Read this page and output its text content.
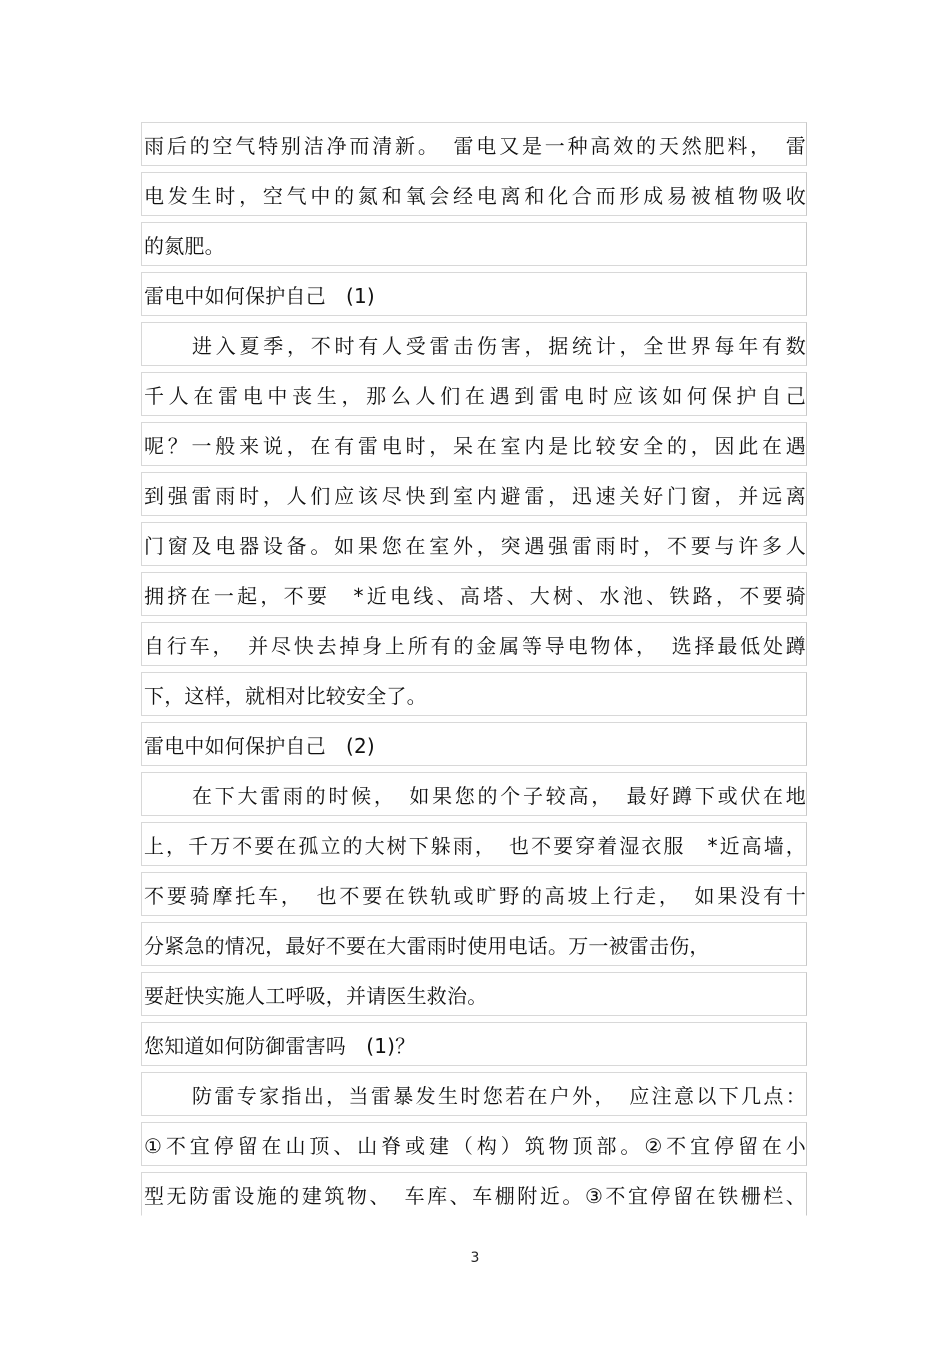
雨后的空气特别洁净而清新。　雷电又是一种高效的天然肥料，　雷
电发生时，空气中的氮和氧会经电离和化合而形成易被植物吸收
的氮肥。
雷电中如何保护自己　(1)
进入夏季，不时有人受雷击伤害，据统计，全世界每年有数
千人在雷电中丧生，那么人们在遇到雷电时应该如何保护自己
呢？一般来说，在有雷电时，呆在室内是比较安全的，因此在遇
到强雷雨时，人们应该尽快到室内避雷，迅速关好门窗，并远离
门窗及电器设备。如果您在室外，突遇强雷雨时，不要与许多人
拥挤在一起，不要　*近电线、高塔、大树、水池、铁路，不要骑
自行车，　并尽快去掉身上所有的金属等导电物体，　选择最低处蹲
下，这样，就相对比较安全了。
雷电中如何保护自己　(2)
在下大雷雨的时候，　如果您的个子较高，　最好蹲下或伏在地
上，千万不要在孤立的大树下躲雨，　也不要穿着湿衣服　*近高墙，
不要骑摩托车，　也不要在铁轨或旷野的高坡上行走，　如果没有十
分紧急的情况，最好不要在大雷雨时使用电话。万一被雷击伤，
要赶快实施人工呼吸，并请医生救治。
您知道如何防御雷害吗　(1)？
防雷专家指出，当雷暴发生时您若在户外，　应注意以下几点：
①不宜停留在山顶、山脊或建（构）筑物顶部。②不宜停留在小
型无防雷设施的建筑物、　车库、车棚附近。③不宜停留在铁栅栏、
3
